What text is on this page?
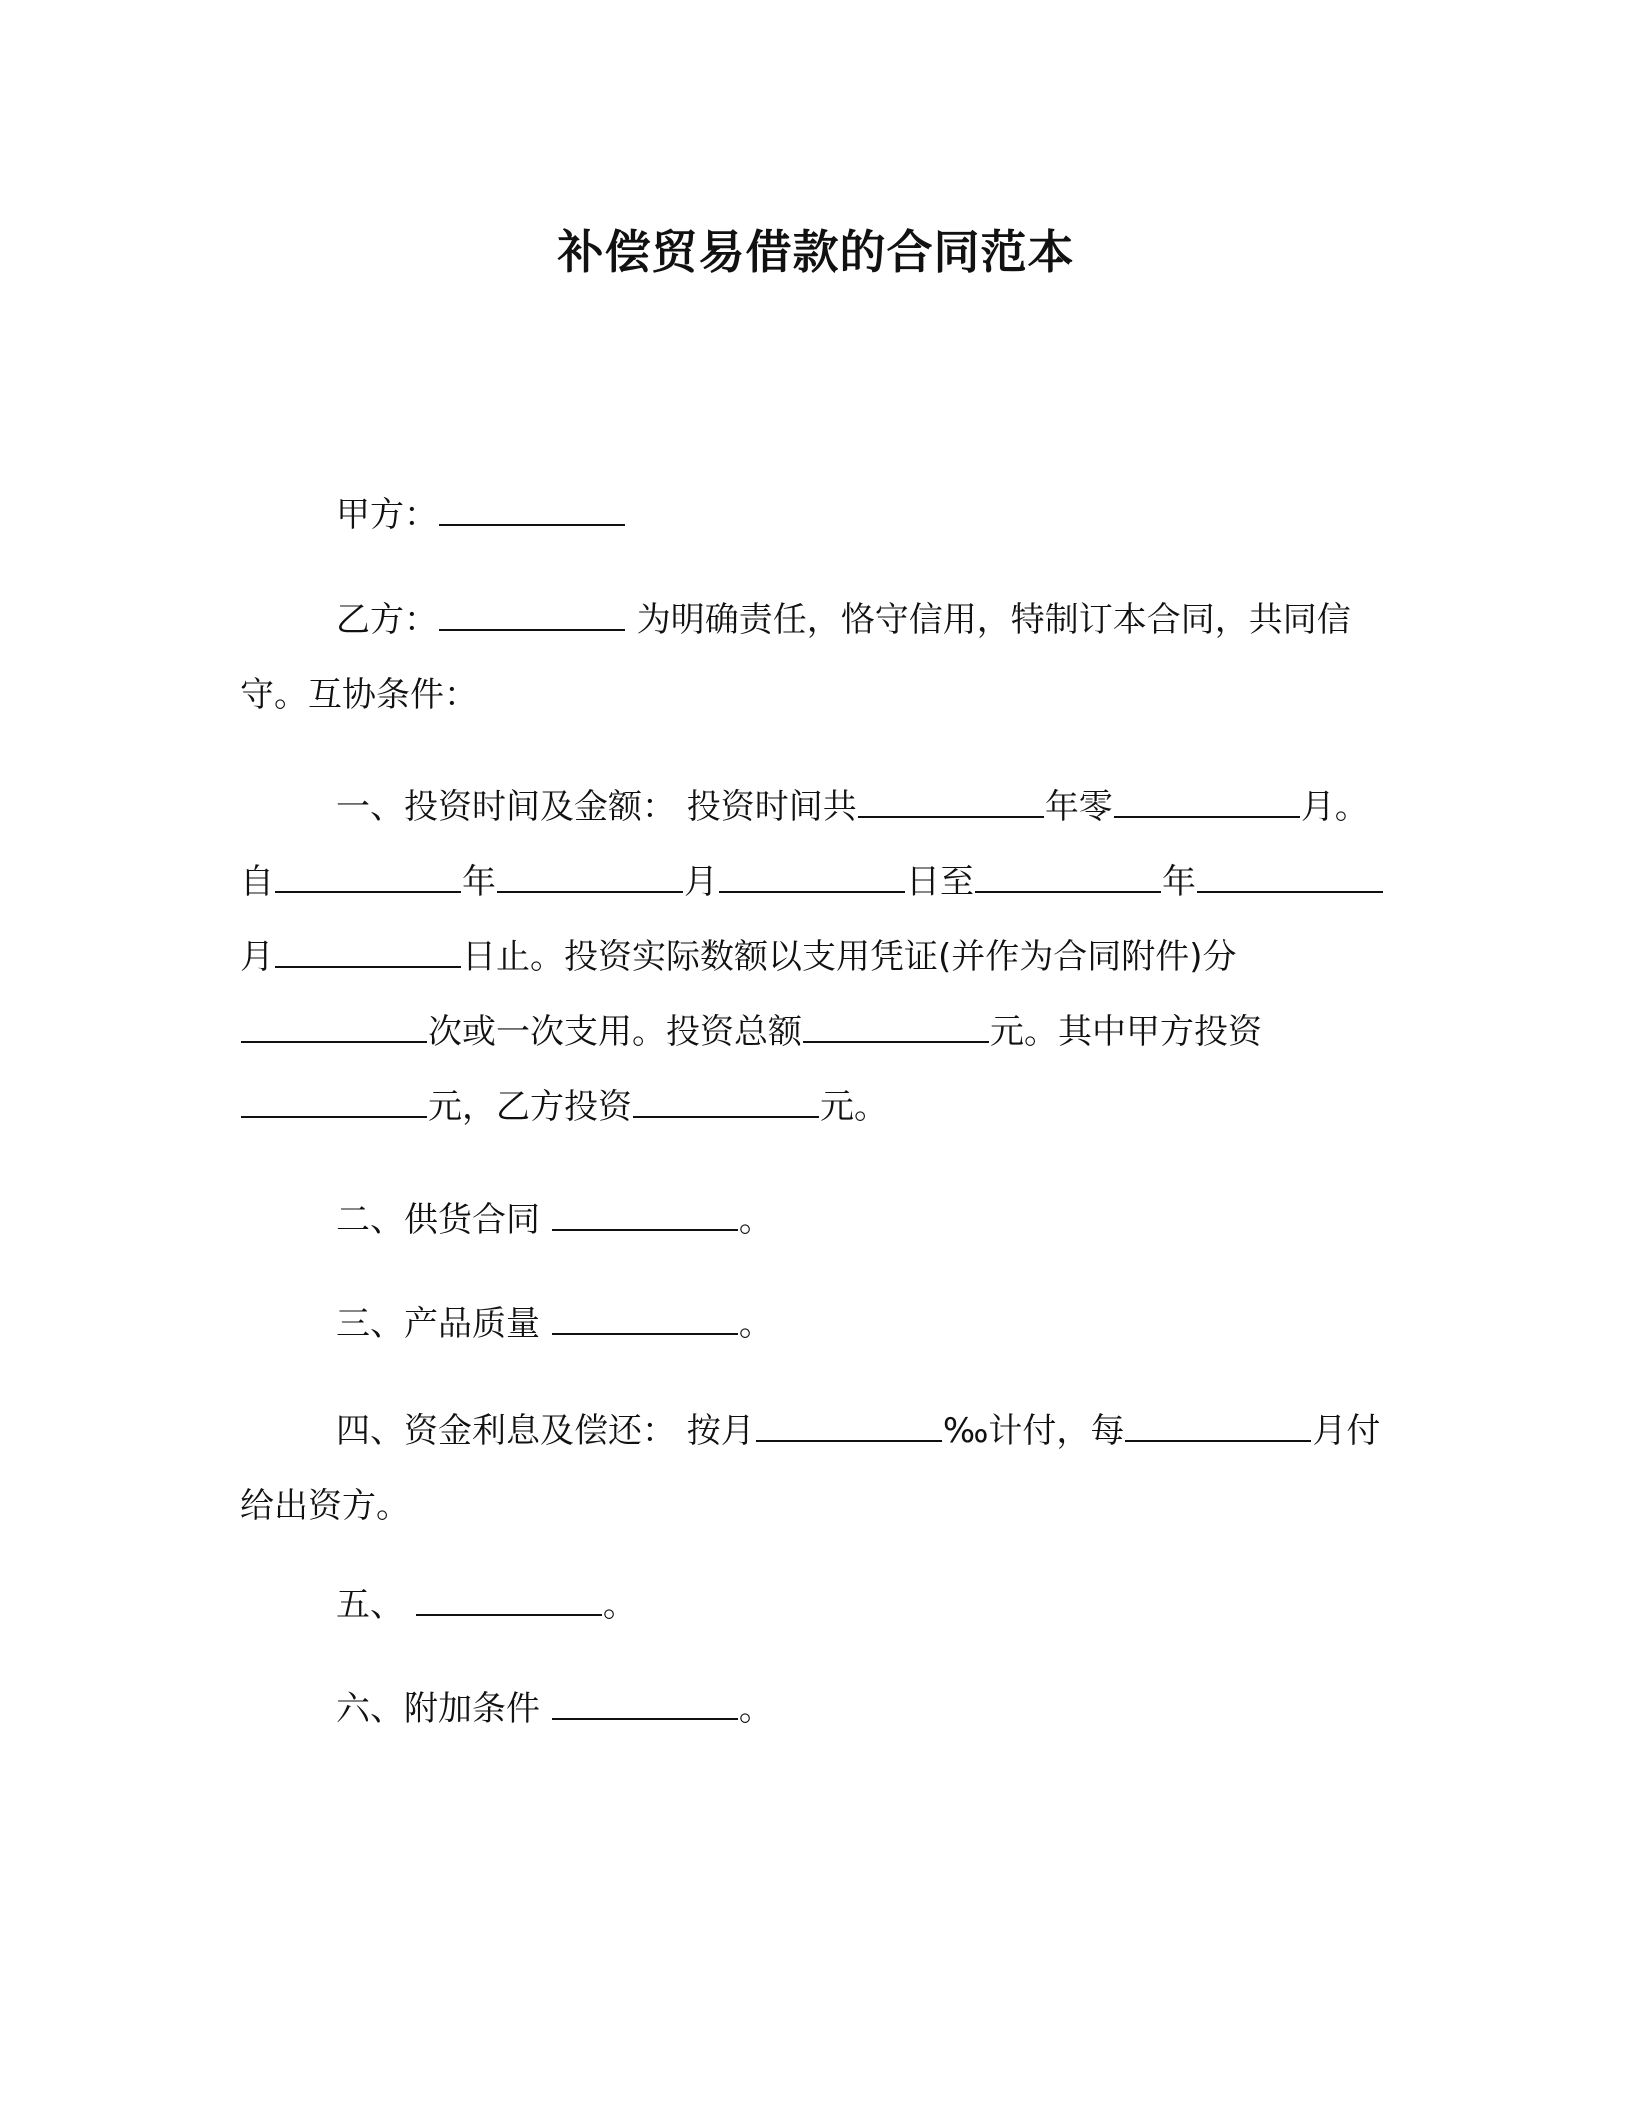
补偿贸易借款的合同范本
甲方：
乙方：	为明确责任，恪守信用，特制订本合同，共同信守。互协条件：
一、投资时间及金额： 投资时间共	年零	月。自	年	月	日至	年月	日止。投资实际数额以支用凭证(并作为合同附件)分次或一次支用。投资总额	元。其中甲方投资元，乙方投资	元。
二、供货合同	。
三、产品质量	。
四、资金利息及偿还： 按月	‰计付，每	月付给出资方。
五、	。
六、附加条件	。
